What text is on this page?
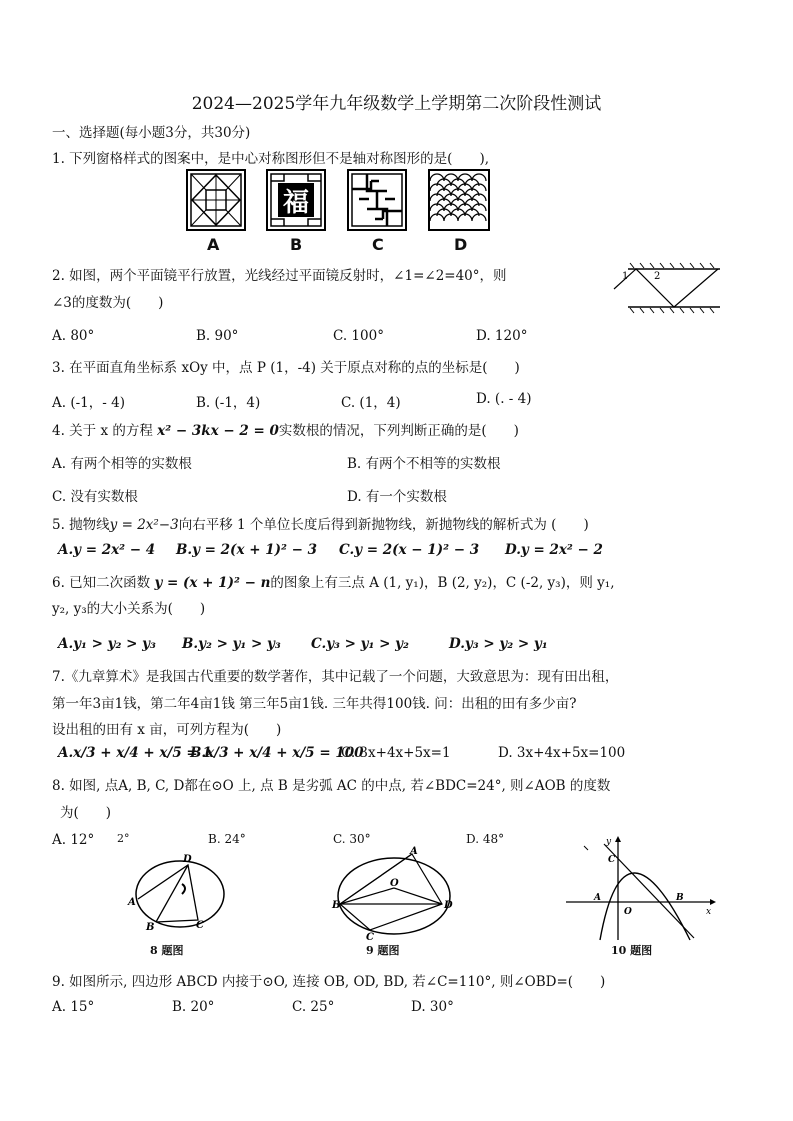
2024—2025学年九年级数学上学期第二次阶段性测试
一、选择题(每小题3分，共30分)
1. 下列窗格样式的图案中，是中心对称图形但不是轴对称图形的是(　　),
福
A	B	C	D
2. 如图，两个平面镜平行放置，光线经过平面镜反射时，∠1=∠2=40°，则
∠3的度数为(　　)
1	2
A. 80°	B. 90°	C. 100°	D. 120°
3. 在平面直角坐标系 xOy 中，点 P (1，-4) 关于原点对称的点的坐标是(　　)
A. (-1，- 4)	B. (-1，4)	C. (1，4)	D. (. - 4)
4. 关于 x 的方程 x² − 3kx − 2 = 0实数根的情况，下列判断正确的是(　　)
A. 有两个相等的实数根	B. 有两个不相等的实数根
C. 没有实数根	D. 有一个实数根
5. 抛物线y = 2x²−3向右平移 1 个单位长度后得到新抛物线，新抛物线的解析式为 (　　)
A.y = 2x² − 4 B.y = 2(x + 1)² − 3 C.y = 2(x − 1)² − 3 D.y = 2x² − 2
6. 已知二次函数 y = (x + 1)² − n的图象上有三点 A (1, y₁)，B (2, y₂)，C (-2, y₃)，则 y₁,
y₂, y₃的大小关系为(　　)
A.y₁ > y₂ > y₃ B.y₂ > y₁ > y₃ C.y₃ > y₁ > y₂	D.y₃ > y₂ > y₁
7.《九章算术》是我国古代重要的数学著作，其中记载了一个问题，大致意思为：现有田出租，
第一年3亩1钱，第二年4亩1钱 第三年5亩1钱. 三年共得100钱. 问：出租的田有多少亩?
设出租的田有 x 亩，可列方程为(　　)
A.x/3 + x/4 + x/5 = 1
B.x/3 + x/4 + x/5 = 100
C. 3x+4x+5x=1	D. 3x+4x+5x=100
8. 如图, 点A, B, C, D都在⊙O 上, 点 B 是劣弧 AC 的中点, 若∠BDC=24°, 则∠AOB 的度数
为(　　)
A. 12° 2°	B. 24°	C. 30°	D. 48°
D
A
B	C
8 题图
A
O
B
C
D
9 题图
y
C
A
O
B
x
10 题图
9. 如图所示, 四边形 ABCD 内接于⊙O, 连接 OB, OD, BD, 若∠C=110°, 则∠OBD=(　　)
A. 15°	B. 20°	C. 25°	D. 30°
